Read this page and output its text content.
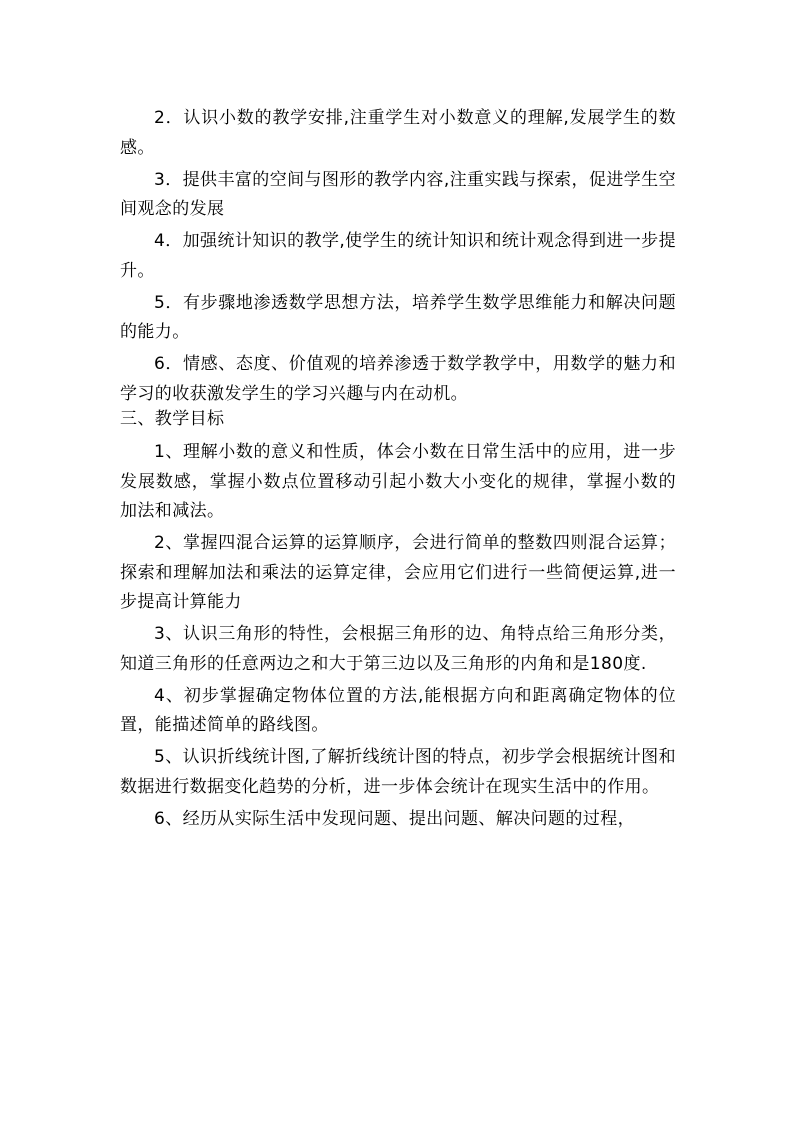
2．认识小数的教学安排,注重学生对小数意义的理解,发展学生的数感。

3．提供丰富的空间与图形的教学内容,注重实践与探索，促进学生空间观念的发展

4．加强统计知识的教学,使学生的统计知识和统计观念得到进一步提升。

5．有步骤地渗透数学思想方法，培养学生数学思维能力和解决问题的能力。

6．情感、态度、价值观的培养渗透于数学教学中，用数学的魅力和学习的收获激发学生的学习兴趣与内在动机。

三、教学目标

1、理解小数的意义和性质，体会小数在日常生活中的应用，进一步发展数感，掌握小数点位置移动引起小数大小变化的规律，掌握小数的加法和减法。

2、掌握四混合运算的运算顺序，会进行简单的整数四则混合运算；探索和理解加法和乘法的运算定律，会应用它们进行一些简便运算,进一步提高计算能力

3、认识三角形的特性，会根据三角形的边、角特点给三角形分类，知道三角形的任意两边之和大于第三边以及三角形的内角和是180度.

4、初步掌握确定物体位置的方法,能根据方向和距离确定物体的位置，能描述简单的路线图。

5、认识折线统计图,了解折线统计图的特点，初步学会根据统计图和数据进行数据变化趋势的分析，进一步体会统计在现实生活中的作用。

6、经历从实际生活中发现问题、提出问题、解决问题的过程，
